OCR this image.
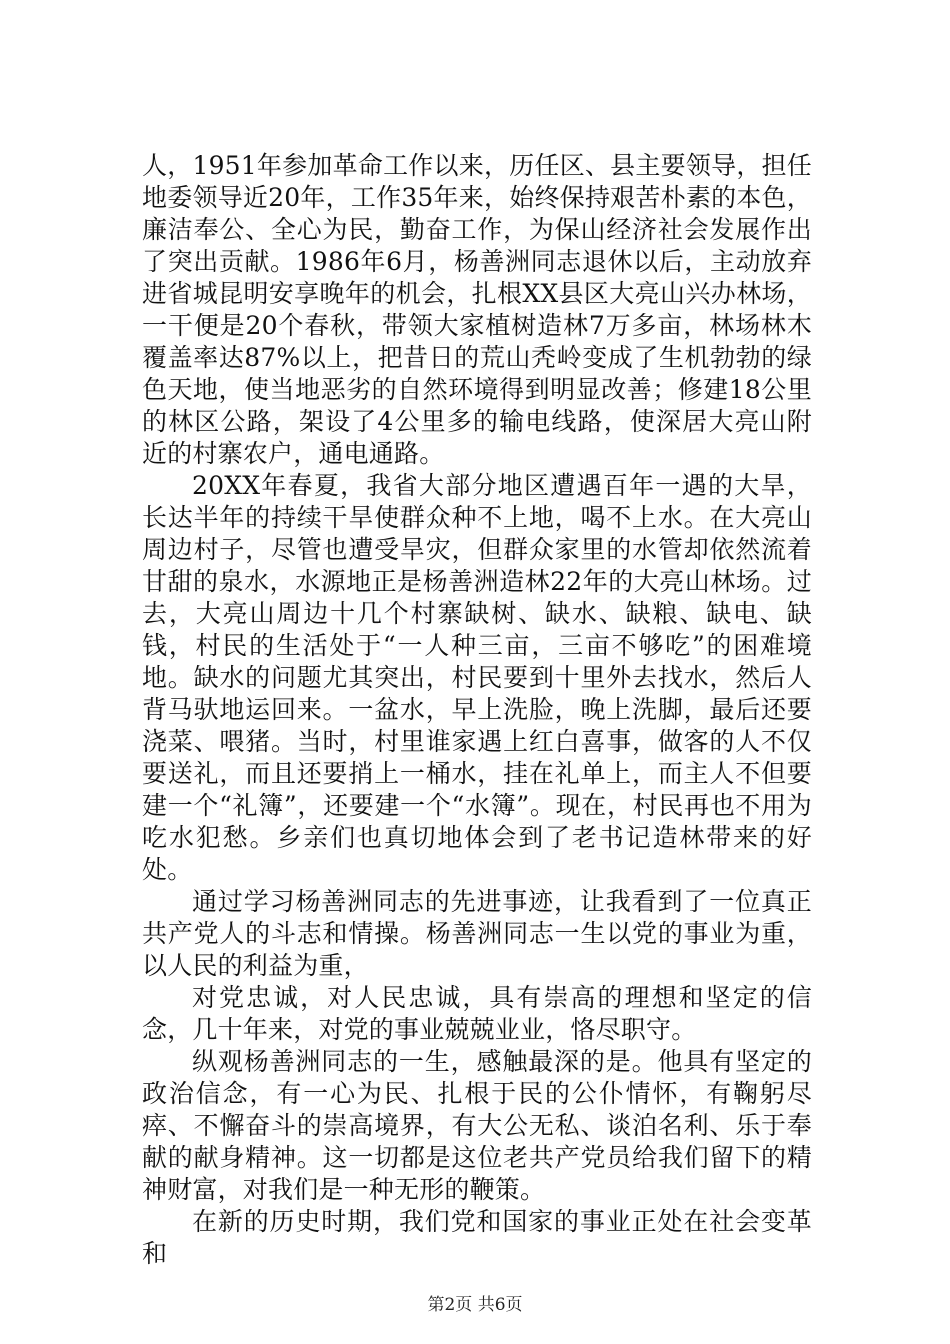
人，1951年参加革命工作以来，历任区、县主要领导，担任地委领导近20年，工作35年来，始终保持艰苦朴素的本色，廉洁奉公、全心为民，勤奋工作，为保山经济社会发展作出了突出贡献。1986年6月，杨善洲同志退休以后，主动放弃进省城昆明安享晚年的机会，扎根XX县区大亮山兴办林场，一干便是20个春秋，带领大家植树造林7万多亩，林场林木覆盖率达87%以上，把昔日的荒山秃岭变成了生机勃勃的绿色天地，使当地恶劣的自然环境得到明显改善；修建18公里的林区公路，架设了4公里多的输电线路，使深居大亮山附近的村寨农户，通电通路。

20XX年春夏，我省大部分地区遭遇百年一遇的大旱，长达半年的持续干旱使群众种不上地，喝不上水。在大亮山周边村子，尽管也遭受旱灾，但群众家里的水管却依然流着甘甜的泉水，水源地正是杨善洲造林22年的大亮山林场。过去，大亮山周边十几个村寨缺树、缺水、缺粮、缺电、缺钱，村民的生活处于“一人种三亩，三亩不够吃”的困难境地。缺水的问题尤其突出，村民要到十里外去找水，然后人背马驮地运回来。一盆水，早上洗脸，晚上洗脚，最后还要浇菜、喂猪。当时，村里谁家遇上红白喜事，做客的人不仅要送礼，而且还要捎上一桶水，挂在礼单上，而主人不但要建一个“礼簿”，还要建一个“水簿”。现在，村民再也不用为吃水犯愁。乡亲们也真切地体会到了老书记造林带来的好处。

通过学习杨善洲同志的先进事迹，让我看到了一位真正共产党人的斗志和情操。杨善洲同志一生以党的事业为重，以人民的利益为重，

对党忠诚，对人民忠诚，具有崇高的理想和坚定的信念，几十年来，对党的事业兢兢业业，恪尽职守。

纵观杨善洲同志的一生，感触最深的是。他具有坚定的政治信念，有一心为民、扎根于民的公仆情怀，有鞠躬尽瘁、不懈奋斗的崇高境界，有大公无私、谈泊名利、乐于奉献的献身精神。这一切都是这位老共产党员给我们留下的精神财富，对我们是一种无形的鞭策。

在新的历史时期，我们党和国家的事业正处在社会变革和

第2页 共6页
